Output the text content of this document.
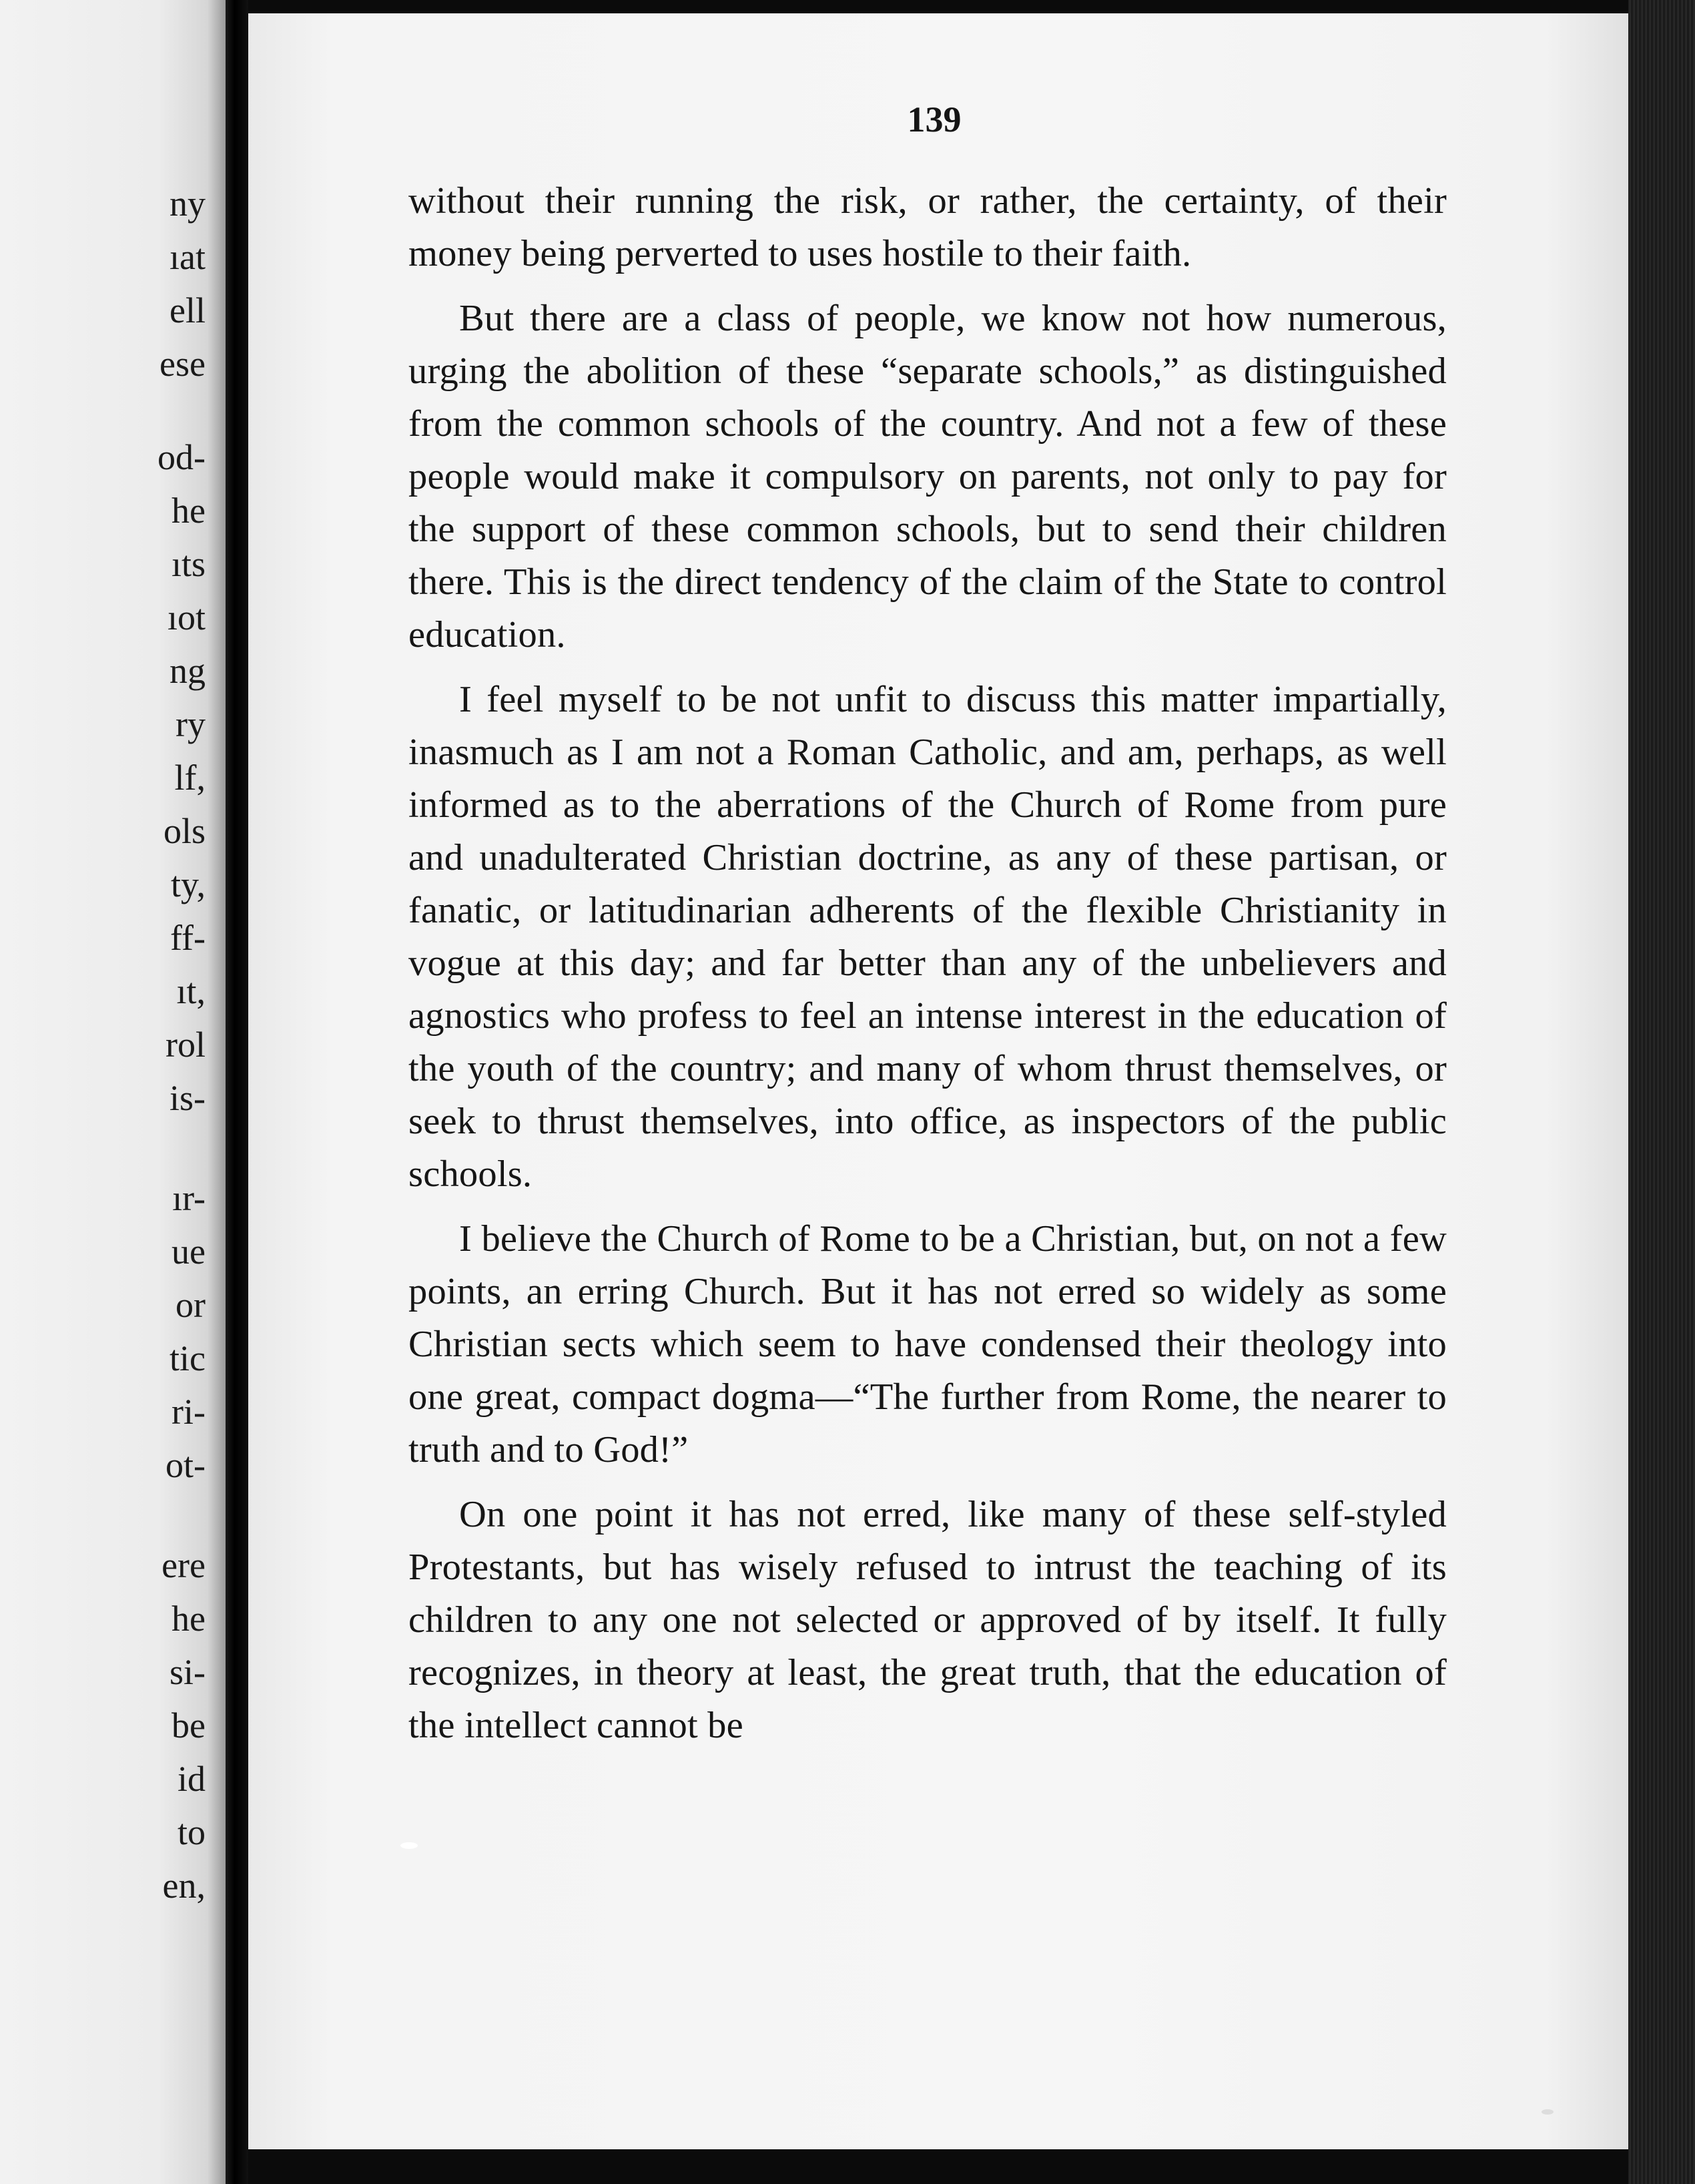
ny
ıat
ell
ese
od-
he
ıts
ıot
ng
ry
lf,
ols
ty,
ff-
ıt,
rol
is-
ır-
ue
or
tic
ri-
ot-
ere
he
si-
be
id
to
en,
139

without their running the risk, or rather, the certainty, of their money being perverted to uses hostile to their faith.

But there are a class of people, we know not how numerous, urging the abolition of these “separate schools,” as distinguished from the common schools of the country. And not a few of these people would make it compulsory on parents, not only to pay for the support of these common schools, but to send their children there. This is the direct tendency of the claim of the State to control education.

I feel myself to be not unfit to discuss this matter impartially, inasmuch as I am not a Roman Catholic, and am, perhaps, as well informed as to the aberrations of the Church of Rome from pure and unadulterated Christian doctrine, as any of these partisan, or fanatic, or latitudinarian adherents of the flexible Christianity in vogue at this day; and far better than any of the unbelievers and agnostics who profess to feel an intense interest in the education of the youth of the country; and many of whom thrust themselves, or seek to thrust themselves, into office, as inspectors of the public schools.

I believe the Church of Rome to be a Christian, but, on not a few points, an erring Church. But it has not erred so widely as some Christian sects which seem to have condensed their theology into one great, compact dogma—“The further from Rome, the nearer to truth and to God!”

On one point it has not erred, like many of these self-styled Protestants, but has wisely refused to intrust the teaching of its children to any one not selected or approved of by itself. It fully recognizes, in theory at least, the great truth, that the education of the intellect cannot be
